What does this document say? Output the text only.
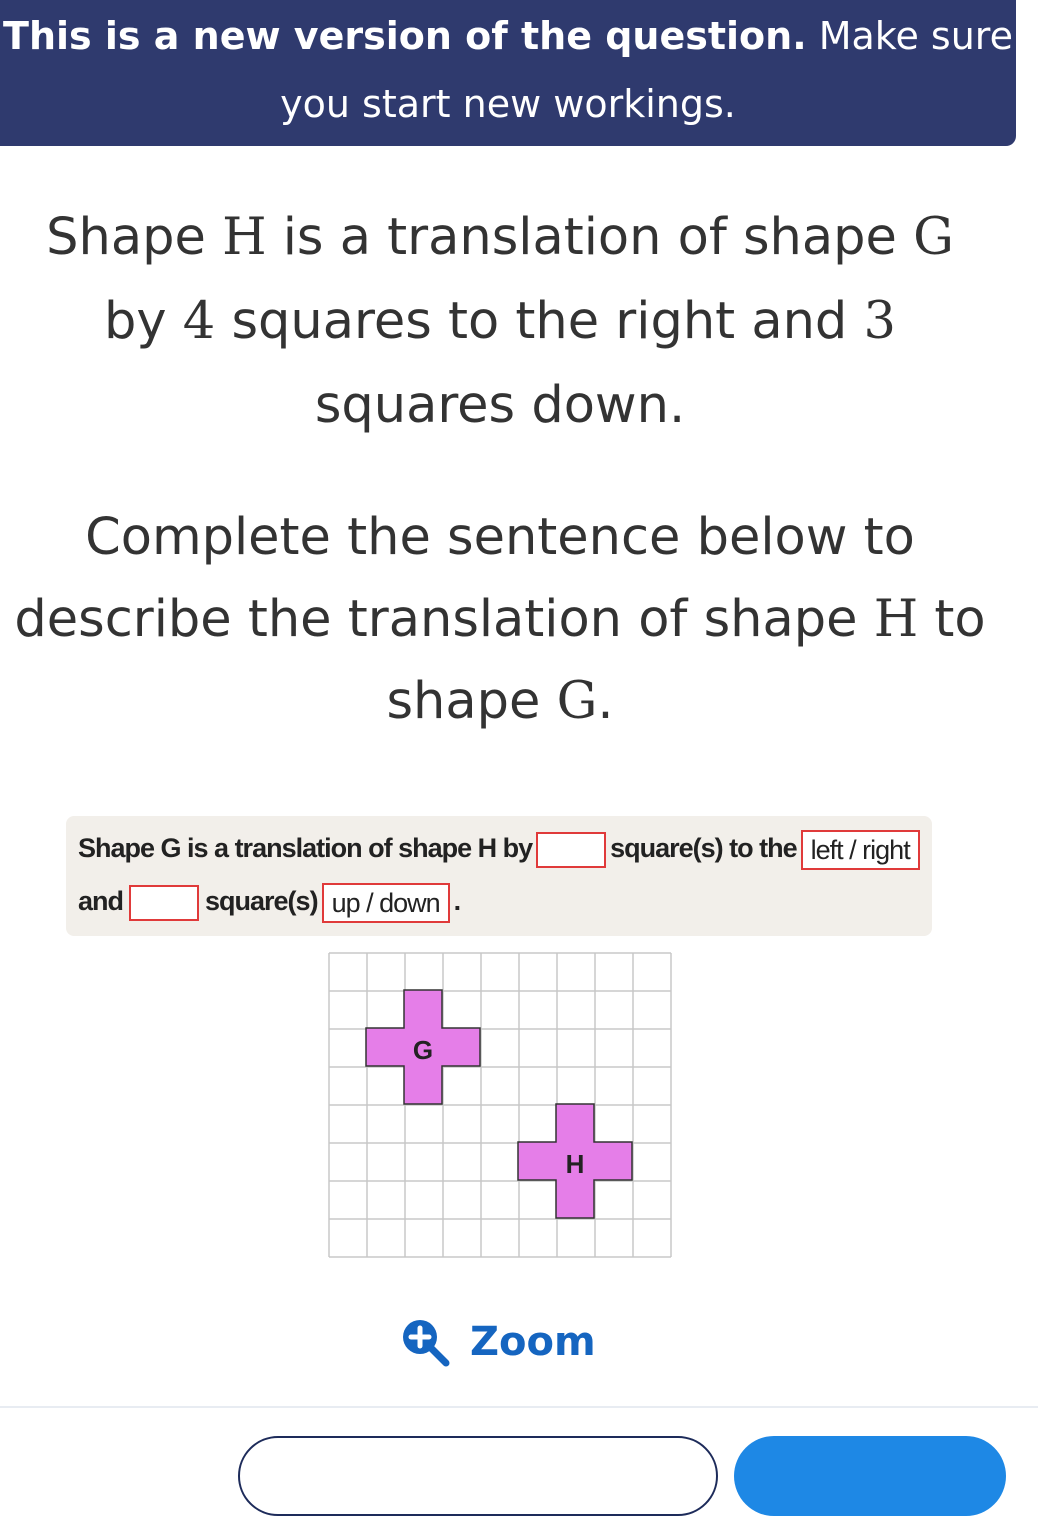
This is a new version of the question. Make sure you start new workings.
Shape H is a translation of shape G
by 4 squares to the right and 3
squares down.
Complete the sentence below to describe the translation of shape H to shape G.
Shape G is a translation of shape H by	square(s) to the left / right
and	square(s) up / down .
G
H
Zoom
